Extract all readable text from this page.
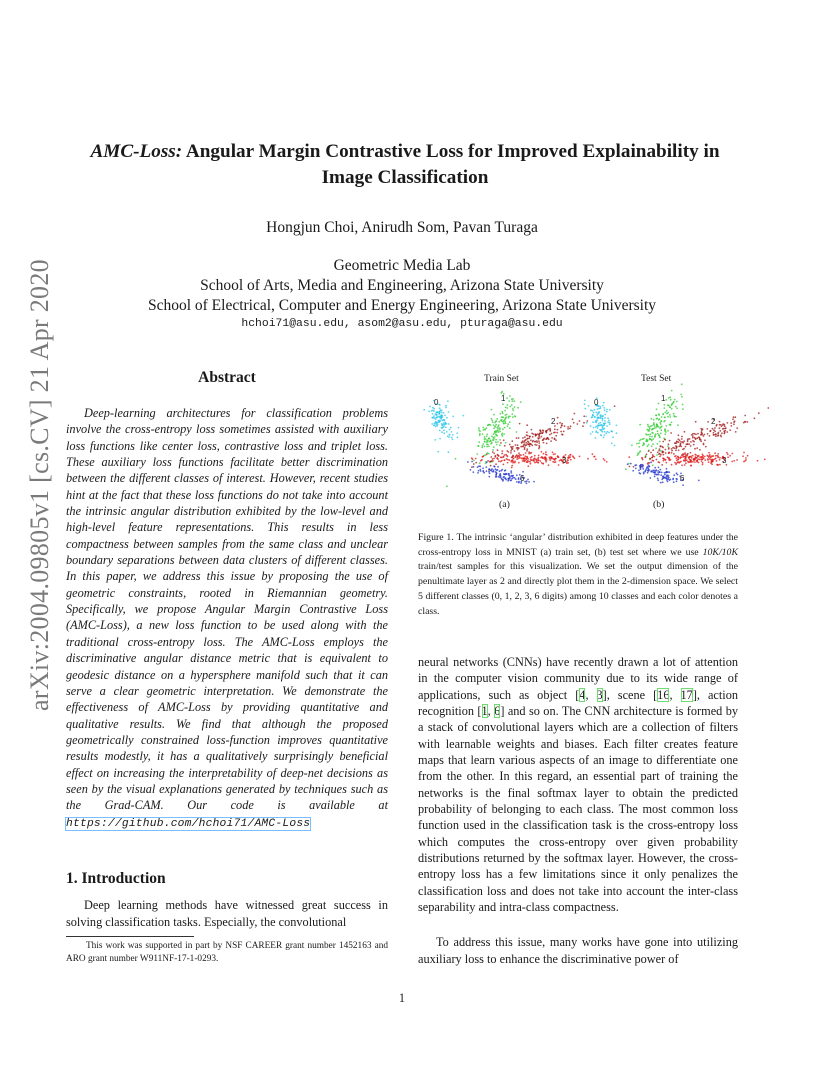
arXiv:2004.09805v1 [cs.CV] 21 Apr 2020
AMC-Loss: Angular Margin Contrastive Loss for Improved Explainability in
Image Classification
Hongjun Choi, Anirudh Som, Pavan Turaga
Geometric Media Lab
School of Arts, Media and Engineering, Arizona State University
School of Electrical, Computer and Energy Engineering, Arizona State University
hchoi71@asu.edu, asom2@asu.edu, pturaga@asu.edu
Abstract

Deep-learning architectures for classification problems involve the cross-entropy loss sometimes assisted with auxiliary loss functions like center loss, contrastive loss and triplet loss. These auxiliary loss functions facilitate better discrimination between the different classes of interest. However, recent studies hint at the fact that these loss functions do not take into account the intrinsic angular distribution exhibited by the low-level and high-level feature representations. This results in less compactness between samples from the same class and unclear boundary separations between data clusters of different classes. In this paper, we address this issue by proposing the use of geometric constraints, rooted in Riemannian geometry. Specifically, we propose Angular Margin Contrastive Loss (AMC-Loss), a new loss function to be used along with the traditional cross-entropy loss. The AMC-Loss employs the discriminative angular distance metric that is equivalent to geodesic distance on a hypersphere manifold such that it can serve a clear geometric interpretation. We demonstrate the effectiveness of AMC-Loss by providing quantitative and qualitative results. We find that although the proposed geometrically constrained loss-function improves quantitative results modestly, it has a qualitatively surprisingly beneficial effect on increasing the interpretability of deep-net decisions as seen by the visual explanations generated by techniques such as the Grad-CAM. Our code is available at https://github.com/hchoi71/AMC-Loss

1. Introduction

Deep learning methods have witnessed great success in solving classification tasks. Especially, the convolutional

This work was supported in part by NSF CAREER grant number 1452163 and ARO grant number W911NF-17-1-0293.

Train Set	Test Set
0	1
2
3
6
0	1
2
3
6
(a)	(b)

Figure 1. The intrinsic ‘angular’ distribution exhibited in deep features under the cross-entropy loss in MNIST (a) train set, (b) test set where we use 10K/10K train/test samples for this visualization. We set the output dimension of the penultimate layer as 2 and directly plot them in the 2-dimension space. We select 5 different classes (0, 1, 2, 3, 6 digits) among 10 classes and each color denotes a class.

neural networks (CNNs) have recently drawn a lot of attention in the computer vision community due to its wide range of applications, such as object [4, 3], scene [16, 17], action recognition [1, 6] and so on. The CNN architecture is formed by a stack of convolutional layers which are a collection of filters with learnable weights and biases. Each filter creates feature maps that learn various aspects of an image to differentiate one from the other. In this regard, an essential part of training the networks is the final softmax layer to obtain the predicted probability of belonging to each class. The most common loss function used in the classification task is the cross-entropy loss which computes the cross-entropy over given probability distributions returned by the softmax layer. However, the cross-entropy loss has a few limitations since it only penalizes the classification loss and does not take into account the inter-class separability and intra-class compactness.

To address this issue, many works have gone into utilizing auxiliary loss to enhance the discriminative power of

1
